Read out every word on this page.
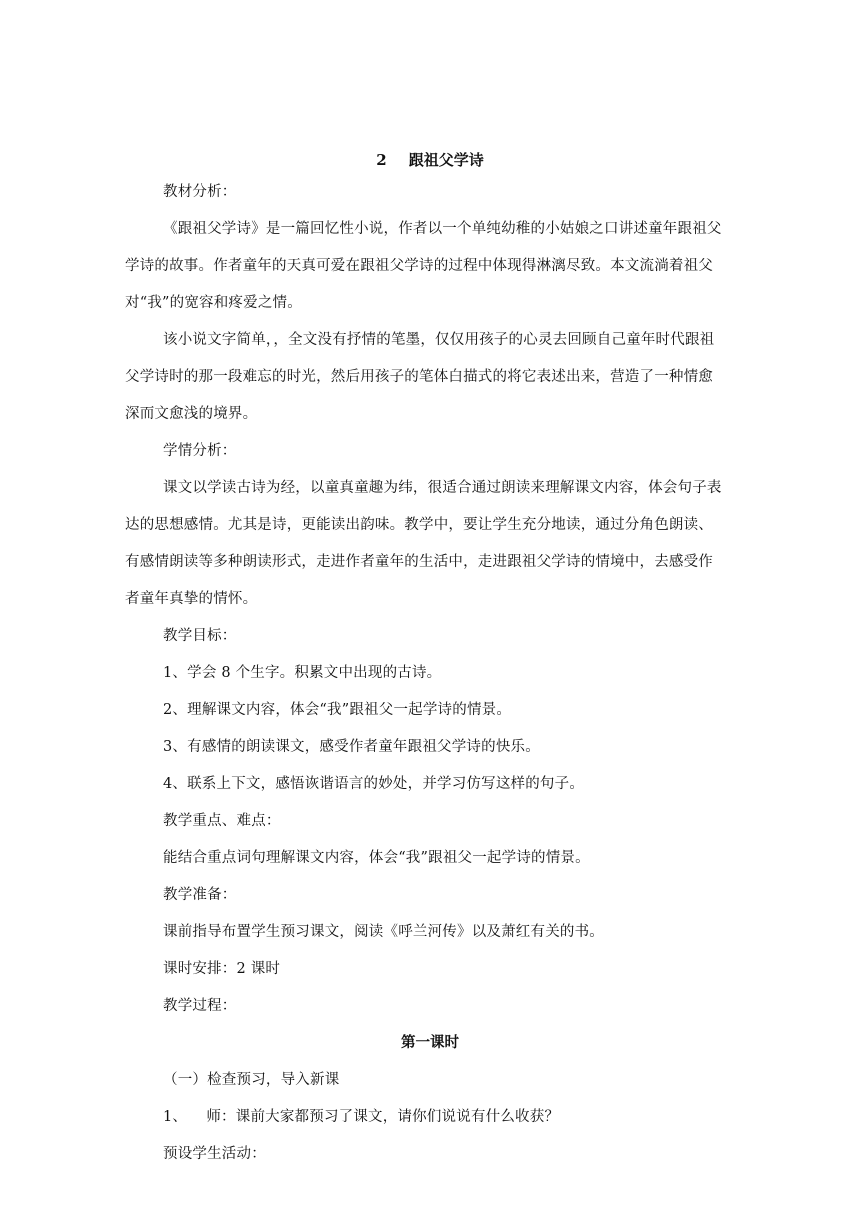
2 跟祖父学诗
教材分析：
《跟祖父学诗》是一篇回忆性小说，作者以一个单纯幼稚的小姑娘之口讲述童年跟祖父
学诗的故事。作者童年的天真可爱在跟祖父学诗的过程中体现得淋漓尽致。本文流淌着祖父
对“我”的宽容和疼爱之情。
该小说文字简单，，全文没有抒情的笔墨，仅仅用孩子的心灵去回顾自己童年时代跟祖
父学诗时的那一段难忘的时光，然后用孩子的笔体白描式的将它表述出来，营造了一种情愈
深而文愈浅的境界。
学情分析：
课文以学读古诗为经，以童真童趣为纬，很适合通过朗读来理解课文内容，体会句子表
达的思想感情。尤其是诗，更能读出韵味。教学中，要让学生充分地读，通过分角色朗读、
有感情朗读等多种朗读形式，走进作者童年的生活中，走进跟祖父学诗的情境中，去感受作
者童年真挚的情怀。
教学目标：
1、学会 8 个生字。积累文中出现的古诗。
2、理解课文内容，体会“我”跟祖父一起学诗的情景。
3、有感情的朗读课文，感受作者童年跟祖父学诗的快乐。
4、联系上下文，感悟诙谐语言的妙处，并学习仿写这样的句子。
教学重点、难点：
能结合重点词句理解课文内容，体会“我”跟祖父一起学诗的情景。
教学准备：
课前指导布置学生预习课文，阅读《呼兰河传》以及萧红有关的书。
课时安排：2 课时
教学过程：
第一课时
（一）检查预习，导入新课
1、    师：课前大家都预习了课文，请你们说说有什么收获？
预设学生活动：
